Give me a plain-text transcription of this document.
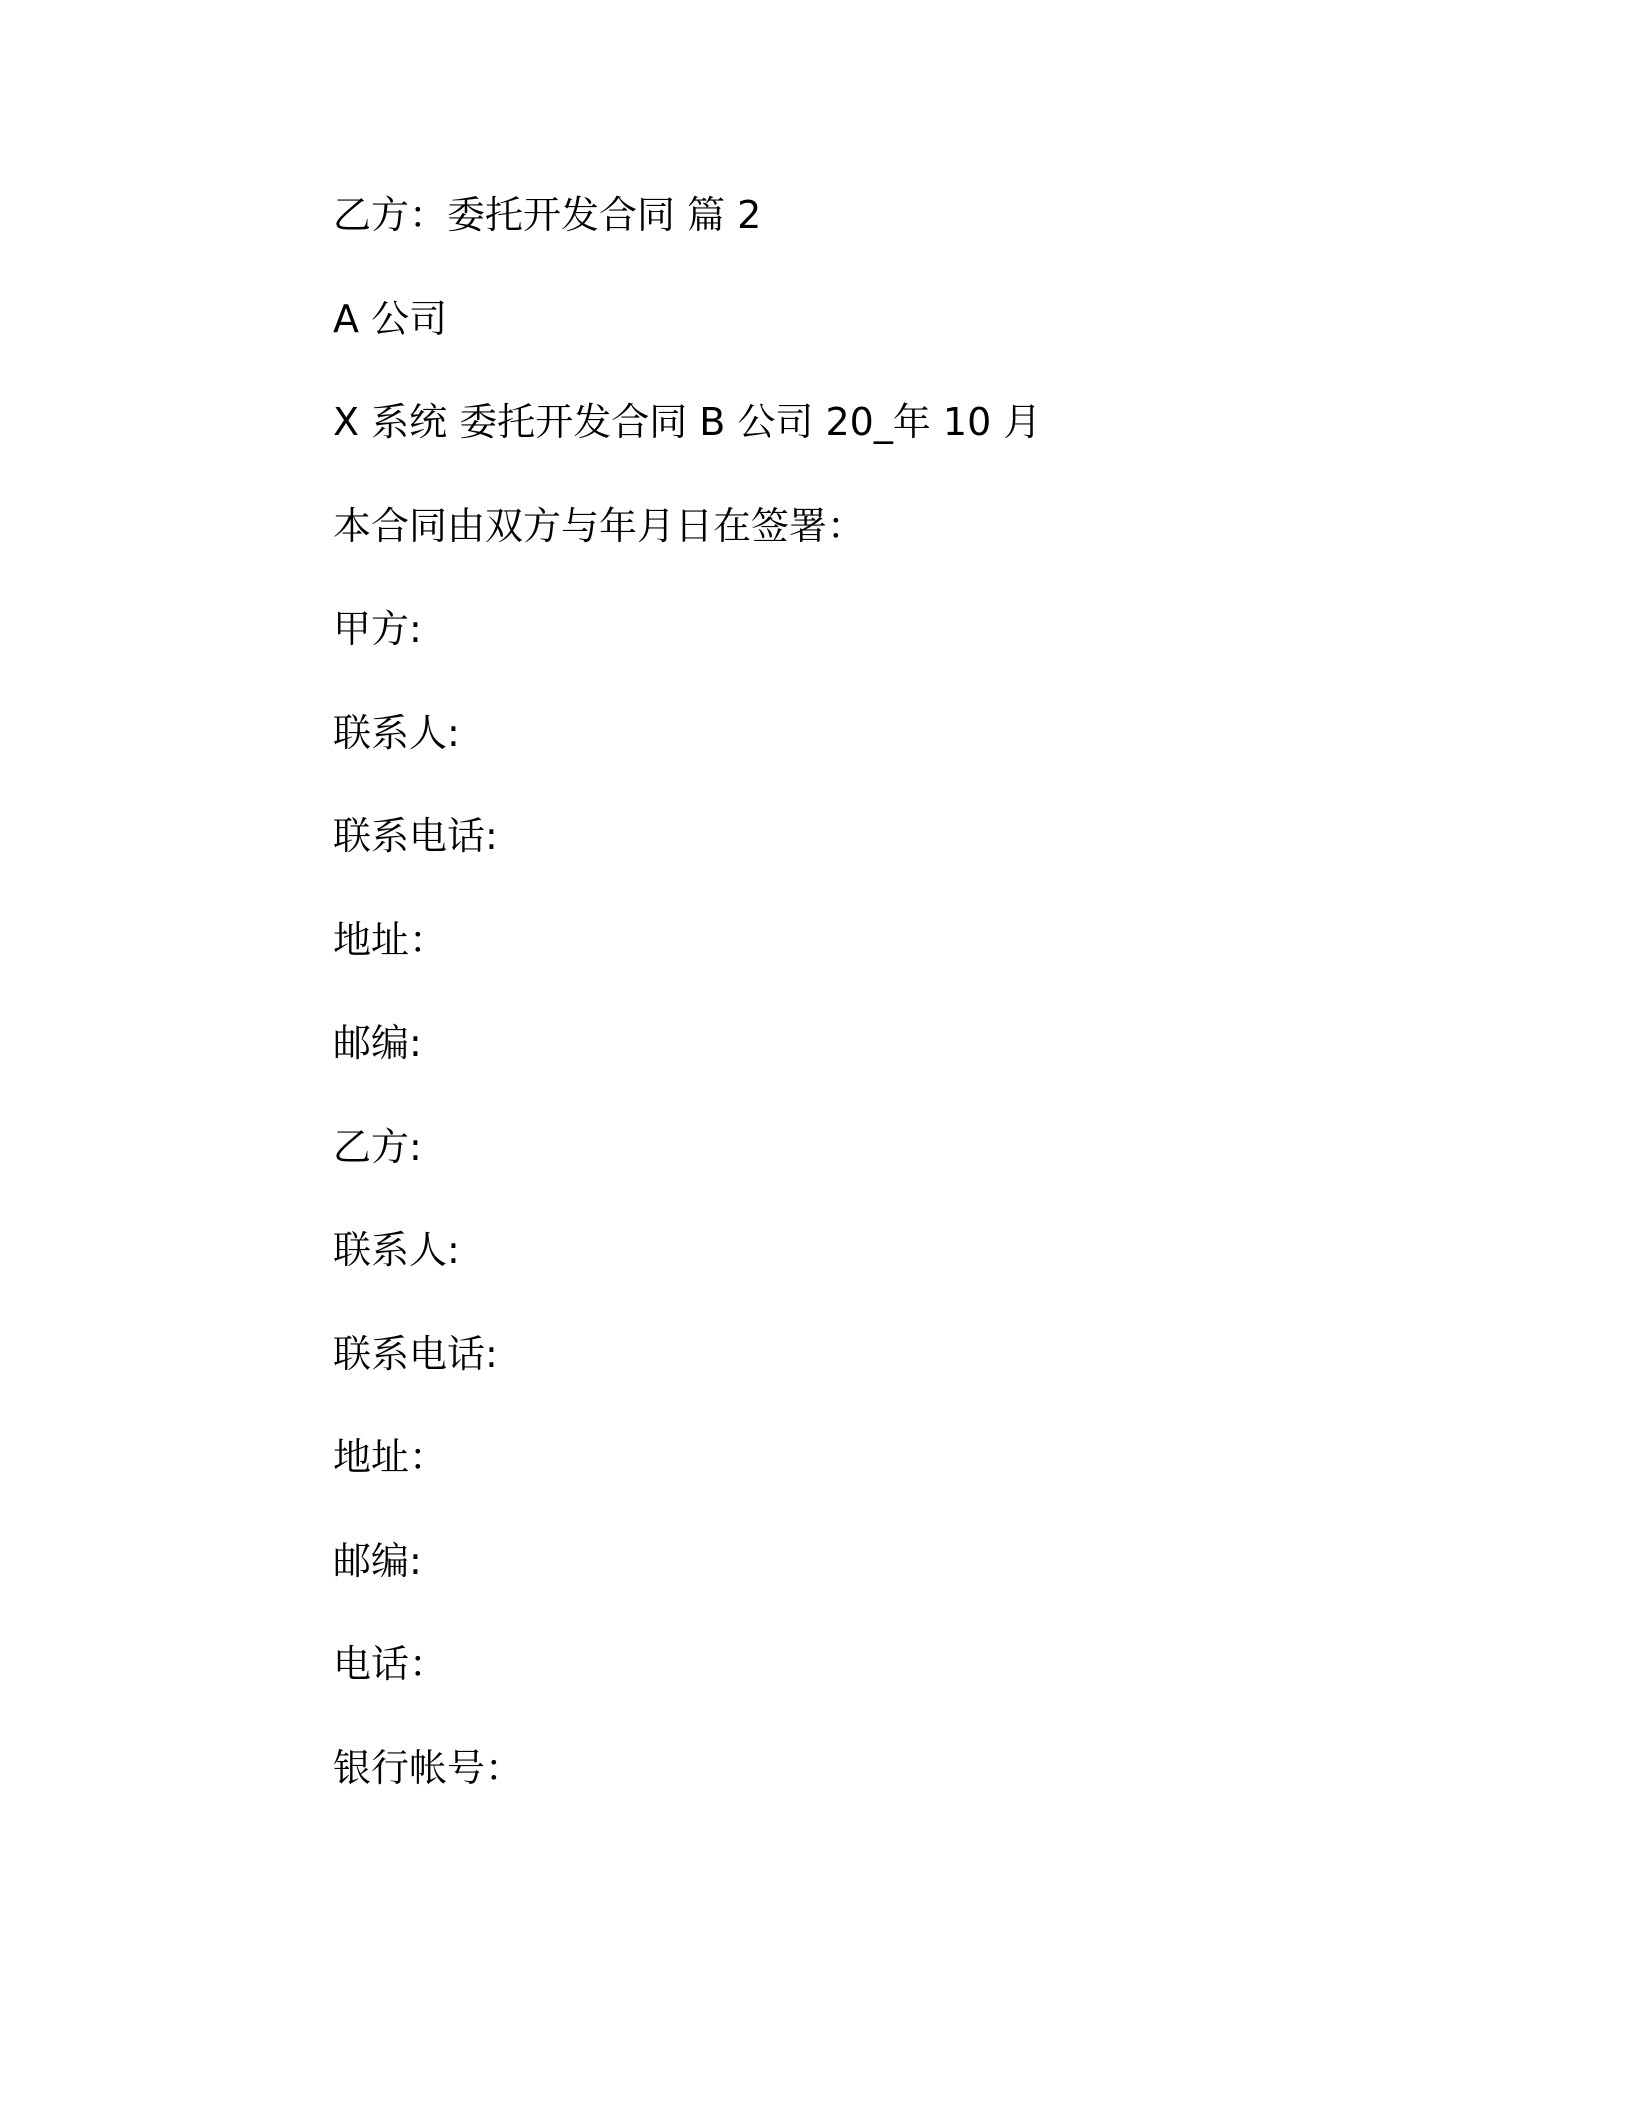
乙方：委托开发合同 篇 2

A 公司

X 系统 委托开发合同 B 公司 20_年 10 月

本合同由双方与年月日在签署：

甲方:

联系人:

联系电话:

地址：

邮编:

乙方:

联系人:

联系电话:

地址：

邮编:

电话：

银行帐号：
